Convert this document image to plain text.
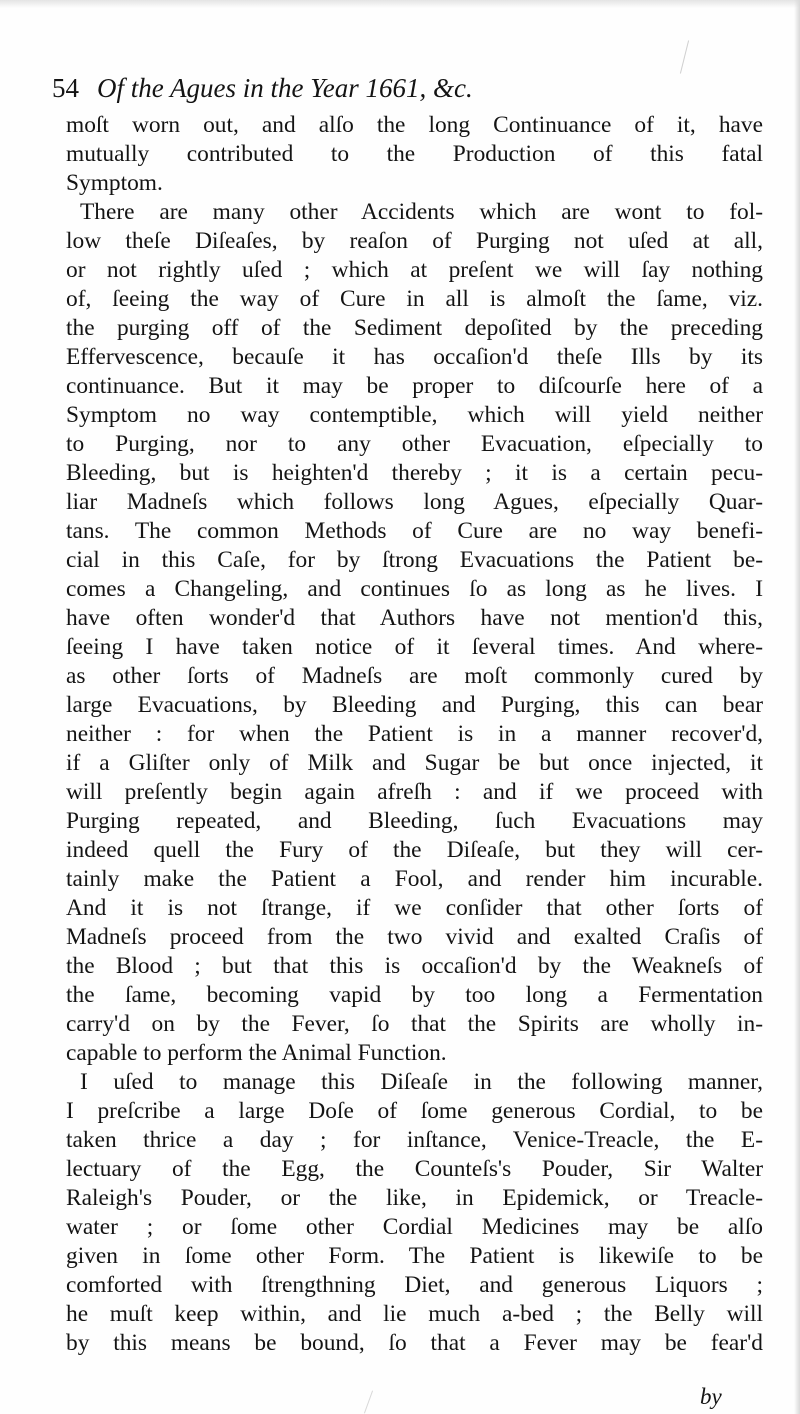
54 Of the Agues in the Year 1661, &c.
moſt worn out, and alſo the long Continuance of it, have
mutually contributed to the Production of this fatal
Symptom.
There are many other Accidents which are wont to fol-
low theſe Diſeaſes, by reaſon of Purging not uſed at all,
or not rightly uſed ; which at preſent we will ſay nothing
of, ſeeing the way of Cure in all is almoſt the ſame, viz.
the purging off of the Sediment depoſited by the preceding
Effervescence, becauſe it has occaſion'd theſe Ills by its
continuance. But it may be proper to diſcourſe here of a
Symptom no way contemptible, which will yield neither
to Purging, nor to any other Evacuation, eſpecially to
Bleeding, but is heighten'd thereby ; it is a certain pecu-
liar Madneſs which follows long Agues, eſpecially Quar-
tans. The common Methods of Cure are no way benefi-
cial in this Caſe, for by ſtrong Evacuations the Patient be-
comes a Changeling, and continues ſo as long as he lives. I
have often wonder'd that Authors have not mention'd this,
ſeeing I have taken notice of it ſeveral times. And where-
as other ſorts of Madneſs are moſt commonly cured by
large Evacuations, by Bleeding and Purging, this can bear
neither : for when the Patient is in a manner recover'd,
if a Gliſter only of Milk and Sugar be but once injected, it
will preſently begin again afreſh : and if we proceed with
Purging repeated, and Bleeding, ſuch Evacuations may
indeed quell the Fury of the Diſeaſe, but they will cer-
tainly make the Patient a Fool, and render him incurable.
And it is not ſtrange, if we conſider that other ſorts of
Madneſs proceed from the two vivid and exalted Craſis of
the Blood ; but that this is occaſion'd by the Weakneſs of
the ſame, becoming vapid by too long a Fermentation
carry'd on by the Fever, ſo that the Spirits are wholly in-
capable to perform the Animal Function.
I uſed to manage this Diſeaſe in the following manner,
I preſcribe a large Doſe of ſome generous Cordial, to be
taken thrice a day ; for inſtance, Venice-Treacle, the E-
lectuary of the Egg, the Counteſs's Pouder, Sir Walter
Raleigh's Pouder, or the like, in Epidemick, or Treacle-
water ; or ſome other Cordial Medicines may be alſo
given in ſome other Form. The Patient is likewiſe to be
comforted with ſtrengthning Diet, and generous Liquors ;
he muſt keep within, and lie much a-bed ; the Belly will
by this means be bound, ſo that a Fever may be fear'd
by
